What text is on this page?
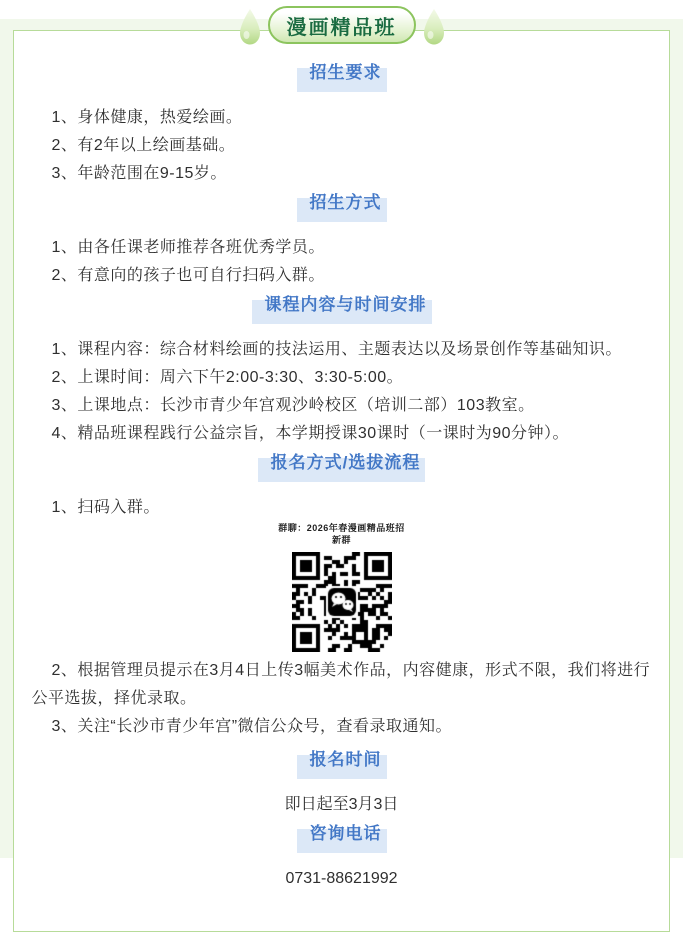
漫画精品班
招生要求
1、身体健康，热爱绘画。
2、有2年以上绘画基础。
3、年龄范围在9-15岁。
招生方式
1、由各任课老师推荐各班优秀学员。
2、有意向的孩子也可自行扫码入群。
课程内容与时间安排
1、课程内容：综合材料绘画的技法运用、主题表达以及场景创作等基础知识。
2、上课时间：周六下午2:00-3:30、3:30-5:00。
3、上课地点：长沙市青少年宫观沙岭校区（培训二部）103教室。
4、精品班课程践行公益宗旨，本学期授课30课时（一课时为90分钟）。
报名方式/选拔流程
1、扫码入群。
群聊：2026年春漫画精品班招
新群
2、根据管理员提示在3月4日上传3幅美术作品，内容健康，形式不限，我们将进行公平选拔，择优录取。
3、关注“长沙市青少年宫”微信公众号，查看录取通知。
报名时间
即日起至3月3日
咨询电话
0731-88621992
